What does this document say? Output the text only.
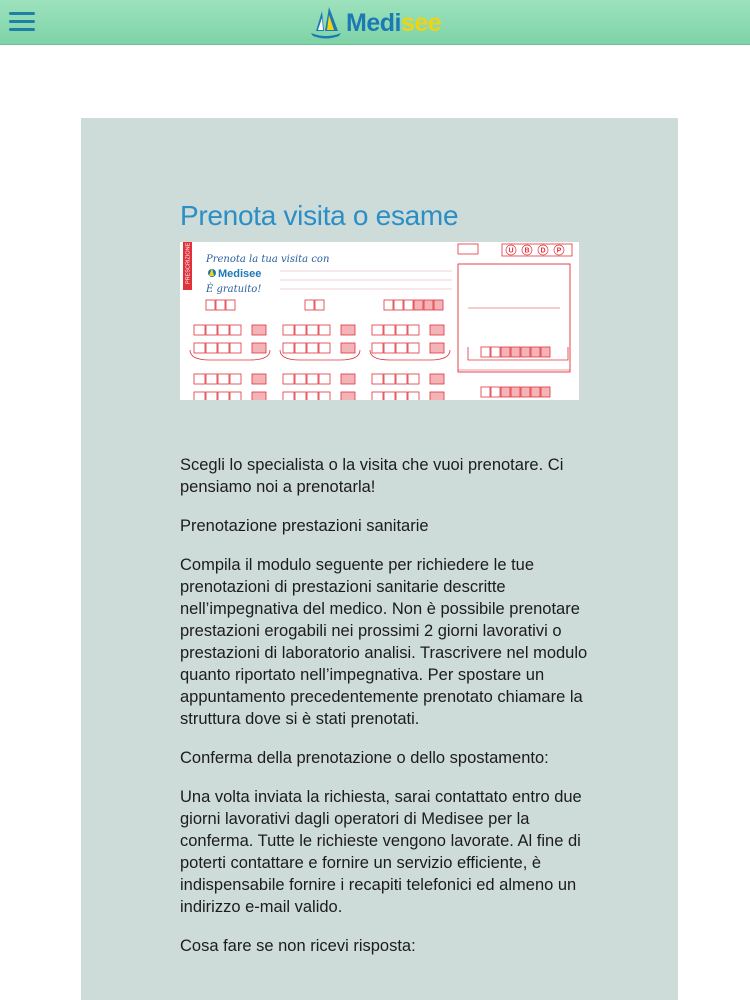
Medisee
Prenota visita o esame
PRESCRIZIONE Prenota la tua visita con
Medisee
È gratuito!
U B D P

Scegli lo specialista o la visita che vuoi prenotare. Ci pensiamo noi a prenotarla!

Prenotazione prestazioni sanitarie

Compila il modulo seguente per richiedere le tue prenotazioni di prestazioni sanitarie descritte nell’impegnativa del medico. Non è possibile prenotare prestazioni erogabili nei prossimi 2 giorni lavorativi o prestazioni di laboratorio analisi. Trascrivere nel modulo quanto riportato nell’impegnativa. Per spostare un appuntamento precedentemente prenotato chiamare la struttura dove si è stati prenotati.

Conferma della prenotazione o dello spostamento:

Una volta inviata la richiesta, sarai contattato entro due giorni lavorativi dagli operatori di Medisee per la conferma. Tutte le richieste vengono lavorate. Al fine di poterti contattare e fornire un servizio efficiente, è indispensabile fornire i recapiti telefonici ed almeno un indirizzo e-mail valido.

Cosa fare se non ricevi risposta:
